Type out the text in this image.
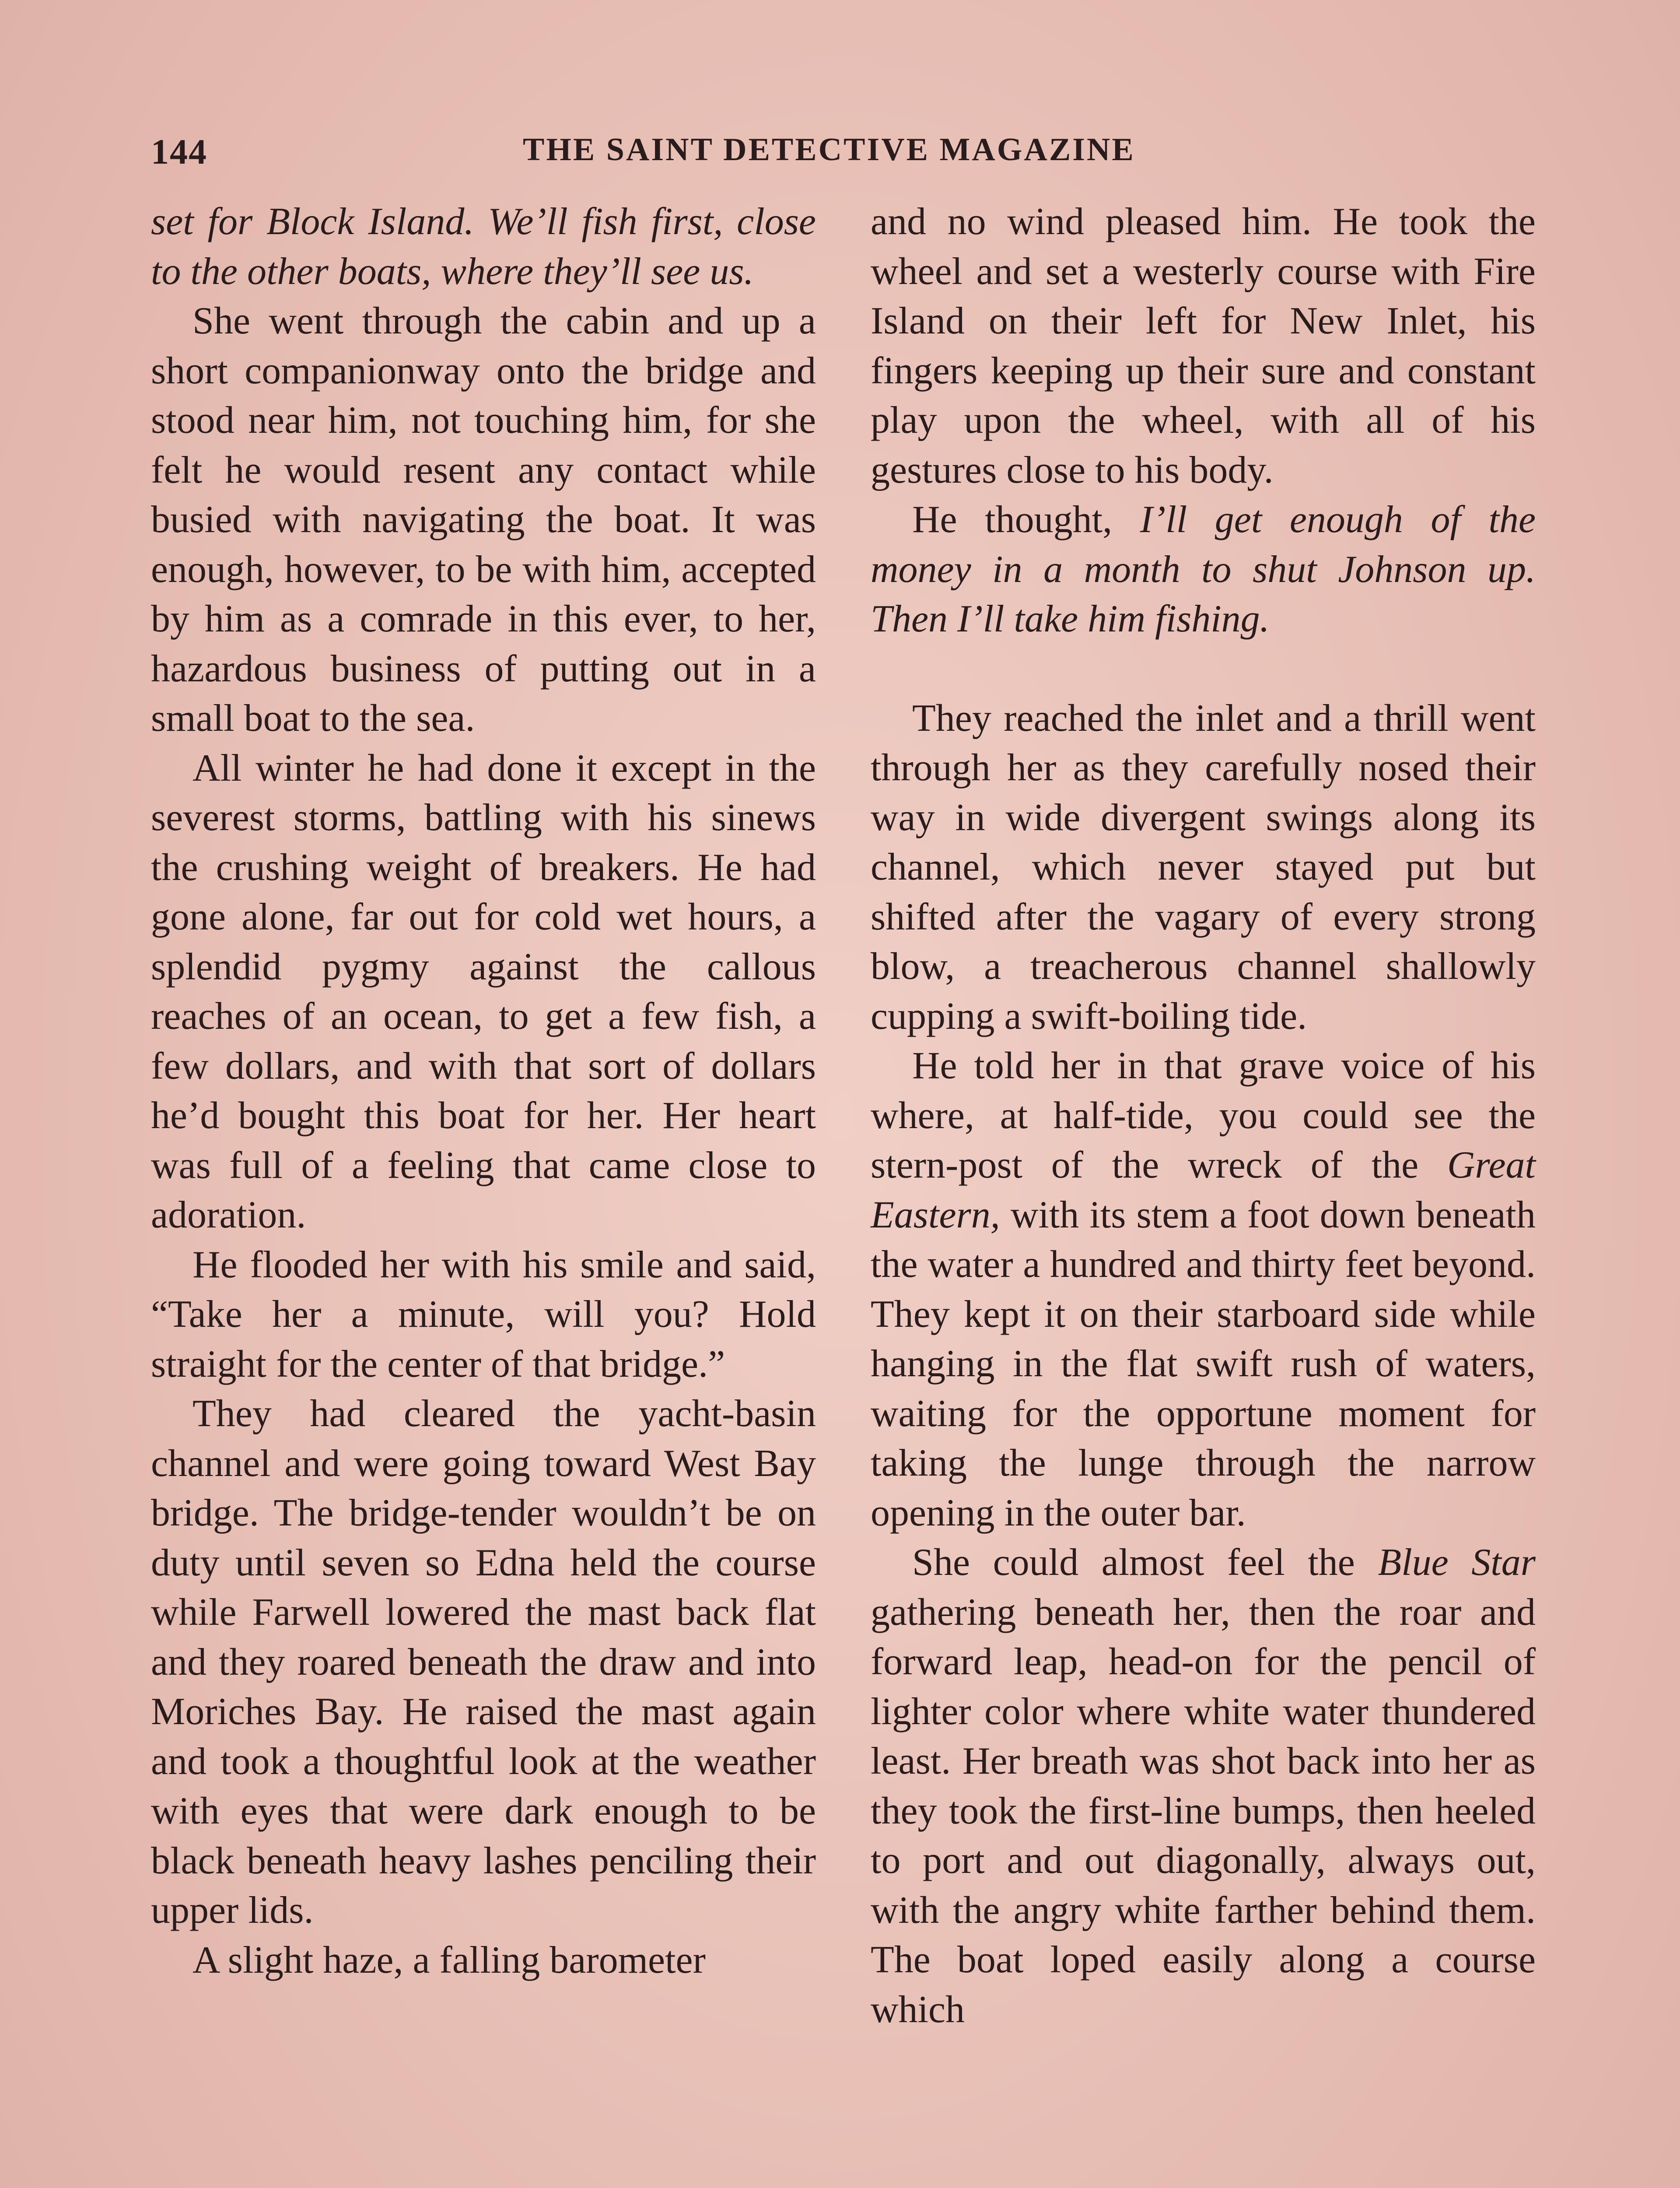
144	THE SAINT DETECTIVE MAGAZINE

set for Block Island. We’ll fish first, close to the other boats, where they’ll see us.

She went through the cabin and up a short companionway onto the bridge and stood near him, not touching him, for she felt he would resent any contact while busied with navigating the boat. It was enough, however, to be with him, accepted by him as a comrade in this ever, to her, hazardous business of putting out in a small boat to the sea.

All winter he had done it except in the severest storms, battling with his sinews the crushing weight of breakers. He had gone alone, far out for cold wet hours, a splendid pygmy against the callous reaches of an ocean, to get a few fish, a few dollars, and with that sort of dollars he’d bought this boat for her. Her heart was full of a feeling that came close to adoration.

He flooded her with his smile and said, “Take her a minute, will you? Hold straight for the center of that bridge.”

They had cleared the yacht-basin channel and were going toward West Bay bridge. The bridge-tender wouldn’t be on duty until seven so Edna held the course while Farwell lowered the mast back flat and they roared beneath the draw and into Moriches Bay. He raised the mast again and took a thoughtful look at the weather with eyes that were dark enough to be black beneath heavy lashes penciling their upper lids.

A slight haze, a falling barometer

and no wind pleased him. He took the wheel and set a westerly course with Fire Island on their left for New Inlet, his fingers keeping up their sure and constant play upon the wheel, with all of his gestures close to his body.

He thought, I’ll get enough of the money in a month to shut Johnson up. Then I’ll take him fishing.

They reached the inlet and a thrill went through her as they carefully nosed their way in wide divergent swings along its channel, which never stayed put but shifted after the vagary of every strong blow, a treacherous channel shallowly cupping a swift-boiling tide.

He told her in that grave voice of his where, at half-tide, you could see the stern-post of the wreck of the Great Eastern, with its stem a foot down beneath the water a hundred and thirty feet beyond. They kept it on their starboard side while hanging in the flat swift rush of waters, waiting for the opportune moment for taking the lunge through the narrow opening in the outer bar.

She could almost feel the Blue Star gathering beneath her, then the roar and forward leap, head-on for the pencil of lighter color where white water thundered least. Her breath was shot back into her as they took the first-line bumps, then heeled to port and out diagonally, always out, with the angry white farther behind them. The boat loped easily along a course which
